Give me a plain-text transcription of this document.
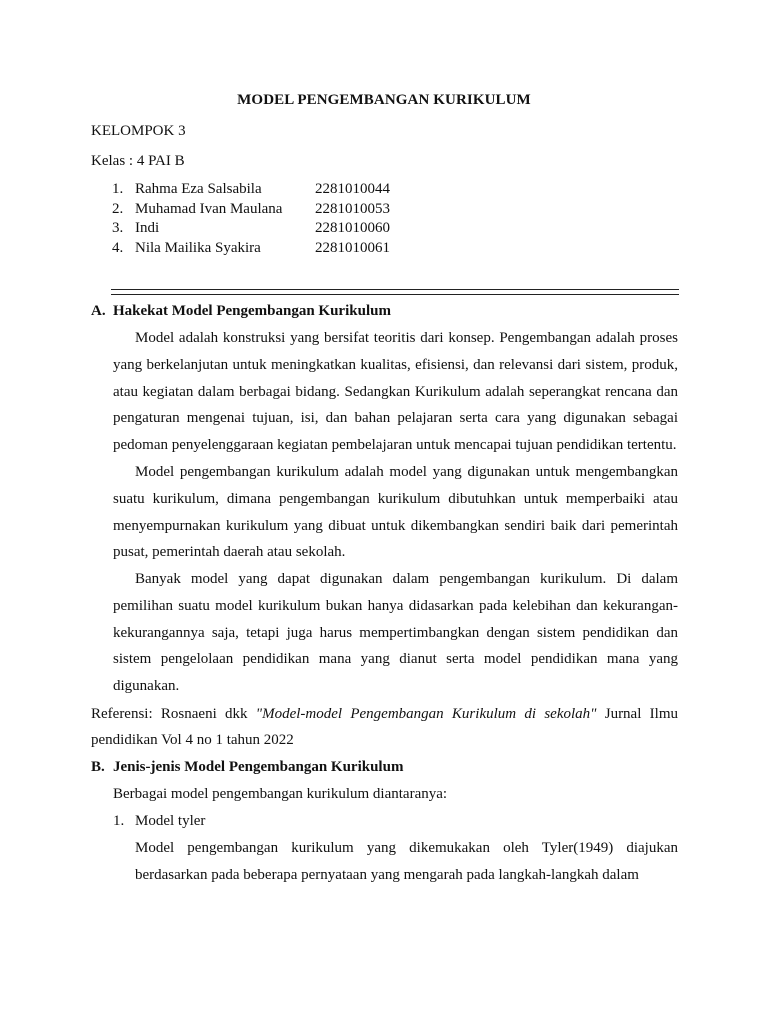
MODEL PENGEMBANGAN KURIKULUM
KELOMPOK 3
Kelas : 4 PAI B
1. Rahma Eza Salsabila	2281010044
2. Muhamad Ivan Maulana 2281010053
3. Indi	2281010060
4. Nila Mailika Syakira	2281010061
A. Hakekat Model Pengembangan Kurikulum
Model adalah konstruksi yang bersifat teoritis dari konsep. Pengembangan adalah proses yang berkelanjutan untuk meningkatkan kualitas, efisiensi, dan relevansi dari sistem, produk, atau kegiatan dalam berbagai bidang. Sedangkan Kurikulum adalah seperangkat rencana dan pengaturan mengenai tujuan, isi, dan bahan pelajaran serta cara yang digunakan sebagai pedoman penyelenggaraan kegiatan pembelajaran untuk mencapai tujuan pendidikan tertentu.
Model pengembangan kurikulum adalah model yang digunakan untuk mengembangkan suatu kurikulum, dimana pengembangan kurikulum dibutuhkan untuk memperbaiki atau menyempurnakan kurikulum yang dibuat untuk dikembangkan sendiri baik dari pemerintah pusat, pemerintah daerah atau sekolah.
Banyak model yang dapat digunakan dalam pengembangan kurikulum. Di dalam pemilihan suatu model kurikulum bukan hanya didasarkan pada kelebihan dan kekurangan-kekurangannya saja, tetapi juga harus mempertimbangkan dengan sistem pendidikan dan sistem pengelolaan pendidikan mana yang dianut serta model pendidikan mana yang digunakan.
Referensi: Rosnaeni dkk "Model-model Pengembangan Kurikulum di sekolah" Jurnal Ilmu pendidikan Vol 4 no 1 tahun 2022
B. Jenis-jenis Model Pengembangan Kurikulum
Berbagai model pengembangan kurikulum diantaranya:
1. Model tyler
Model pengembangan kurikulum yang dikemukakan oleh Tyler(1949) diajukan berdasarkan pada beberapa pernyataan yang mengarah pada langkah-langkah dalam
